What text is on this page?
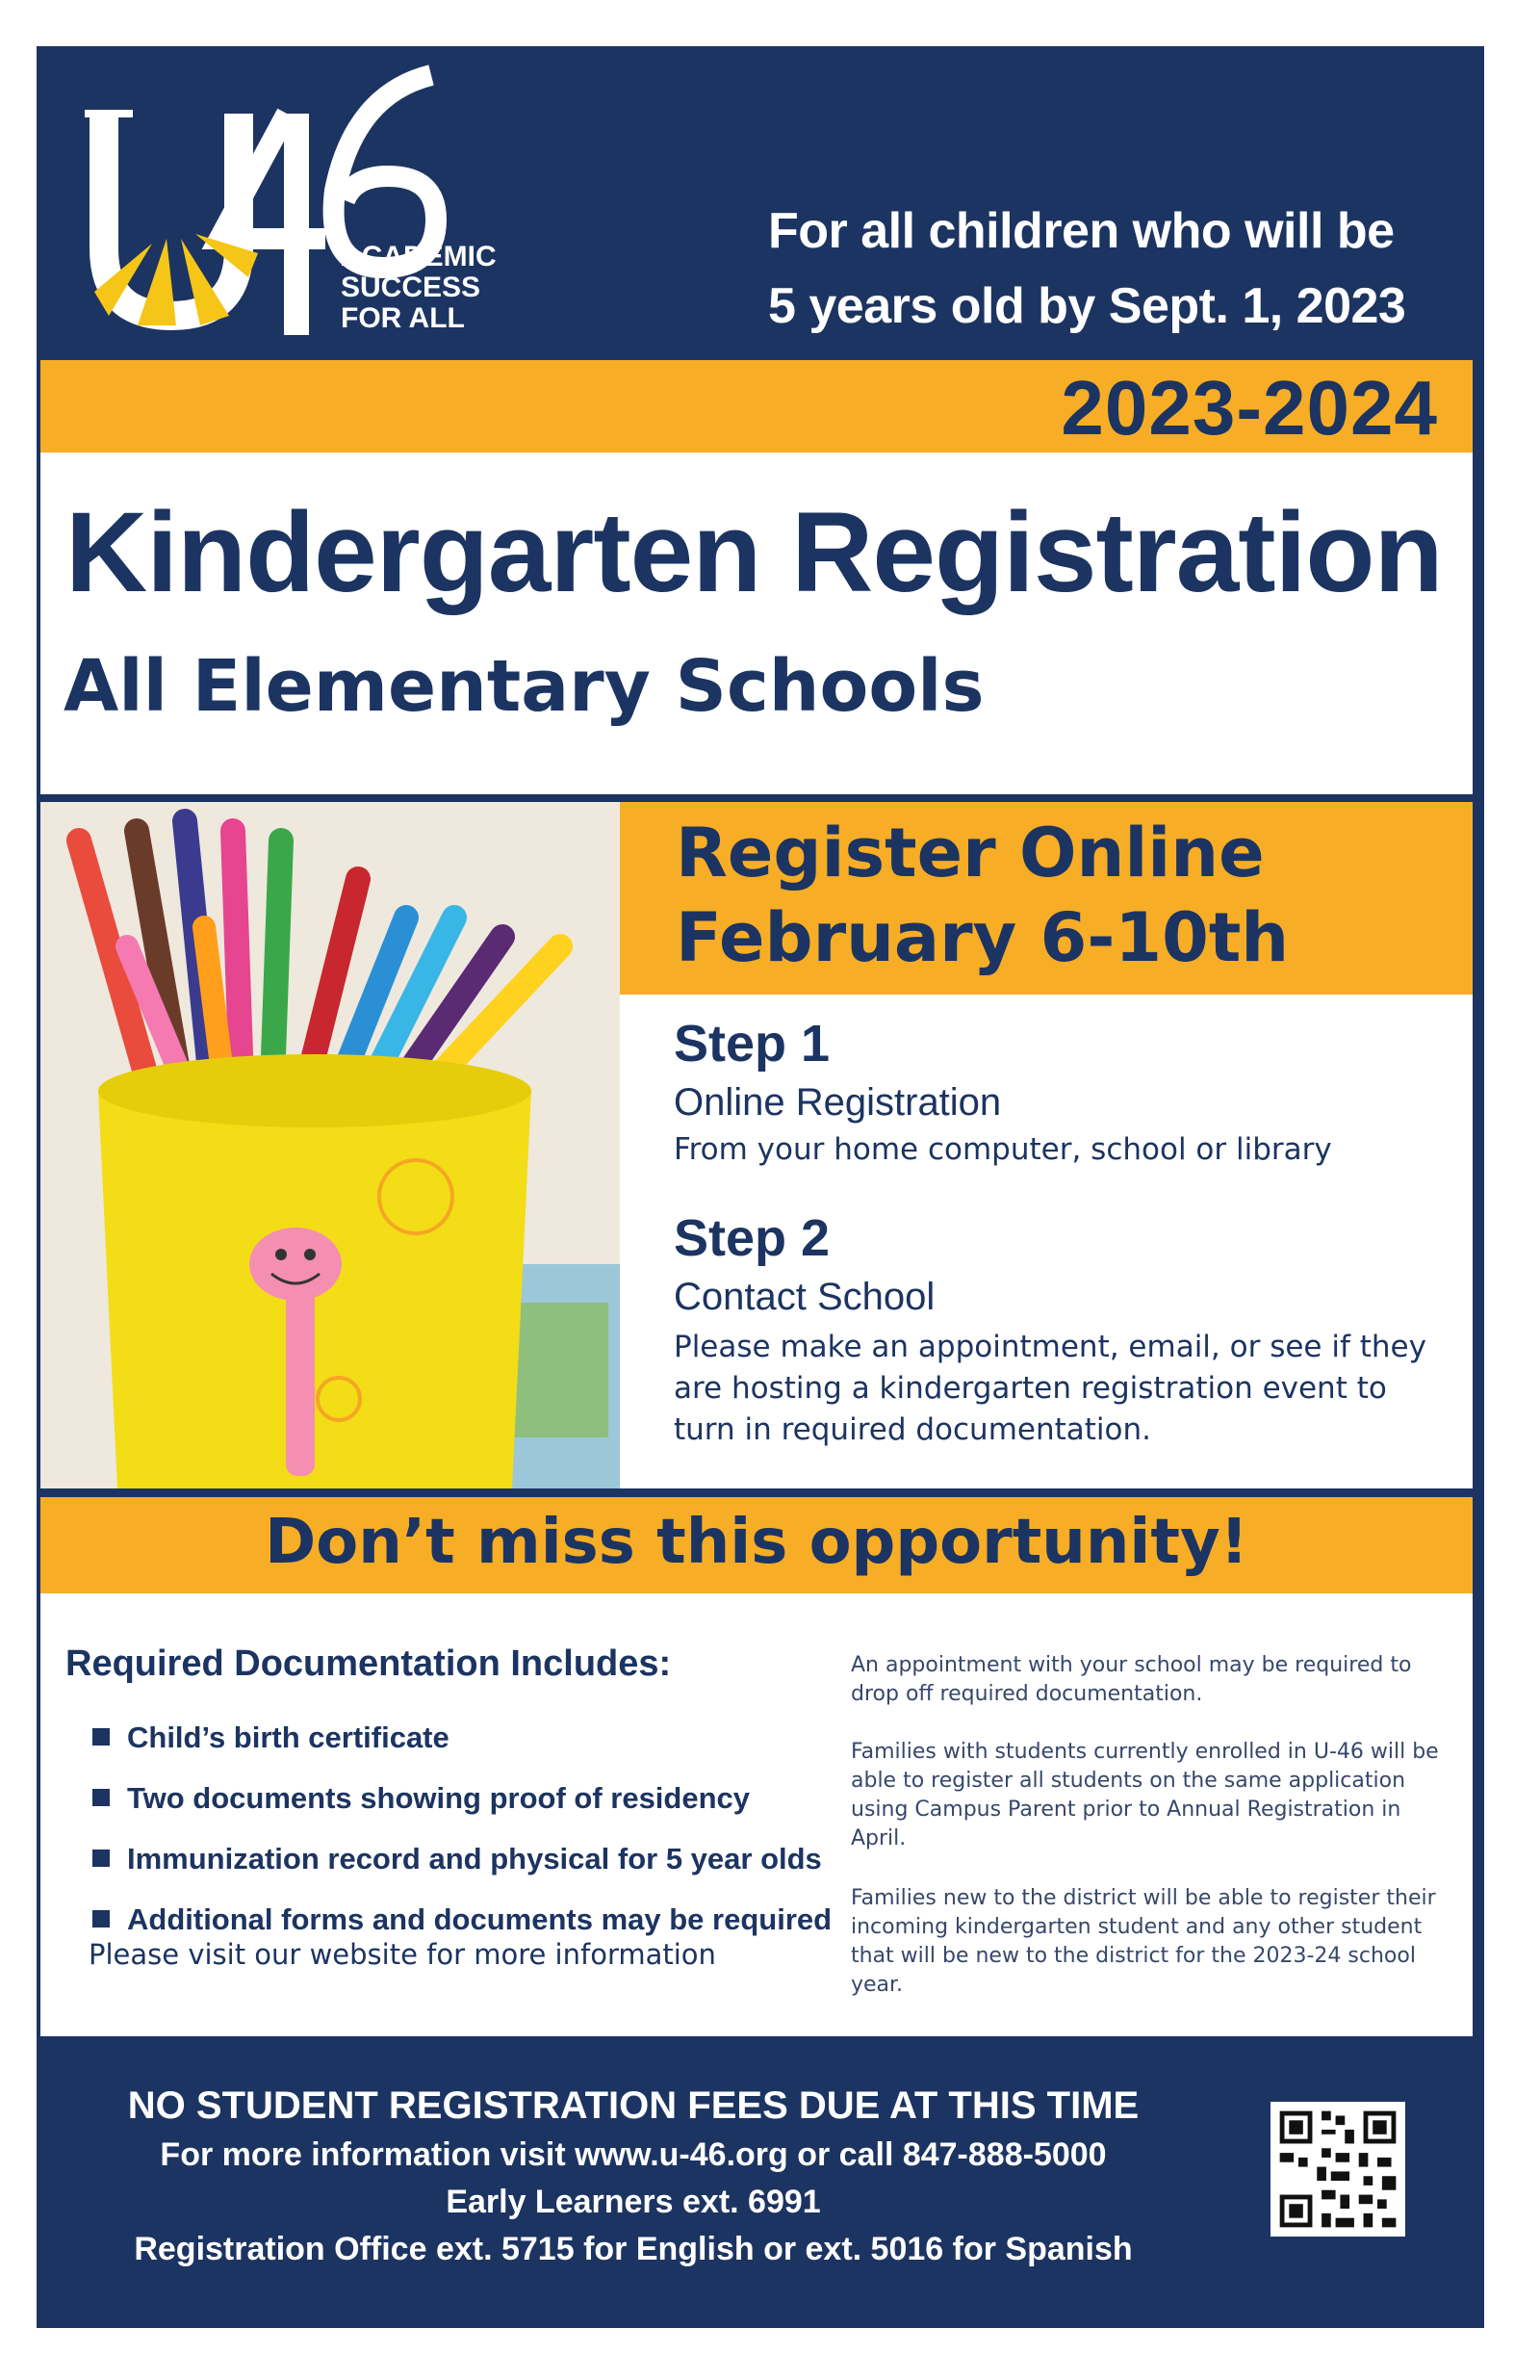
ACADEMIC
SUCCESS
FOR ALL
For all children who will be
5 years old by Sept. 1, 2023
2023-2024
Kindergarten Registration
All Elementary Schools
Register Online
February 6-10th
Step 1
Online Registration
From your home computer, school or library
Step 2
Contact School
Please make an appointment, email, or see if they are hosting a kindergarten registration event to turn in required documentation.
Don’t miss this opportunity!
Required Documentation Includes:
Child’s birth certificate
Two documents showing proof of residency
Immunization record and physical for 5 year olds
Additional forms and documents may be required
Please visit our website for more information
An appointment with your school may be required to drop off required documentation.
Families with students currently enrolled in U-46 will be able to register all students on the same application using Campus Parent prior to Annual Registration in April.
Families new to the district will be able to register their incoming kindergarten student and any other student that will be new to the district for the 2023-24 school year.
NO STUDENT REGISTRATION FEES DUE AT THIS TIME
For more information visit www.u-46.org or call 847-888-5000
Early Learners ext. 6991
Registration Office ext. 5715 for English or ext. 5016 for Spanish
